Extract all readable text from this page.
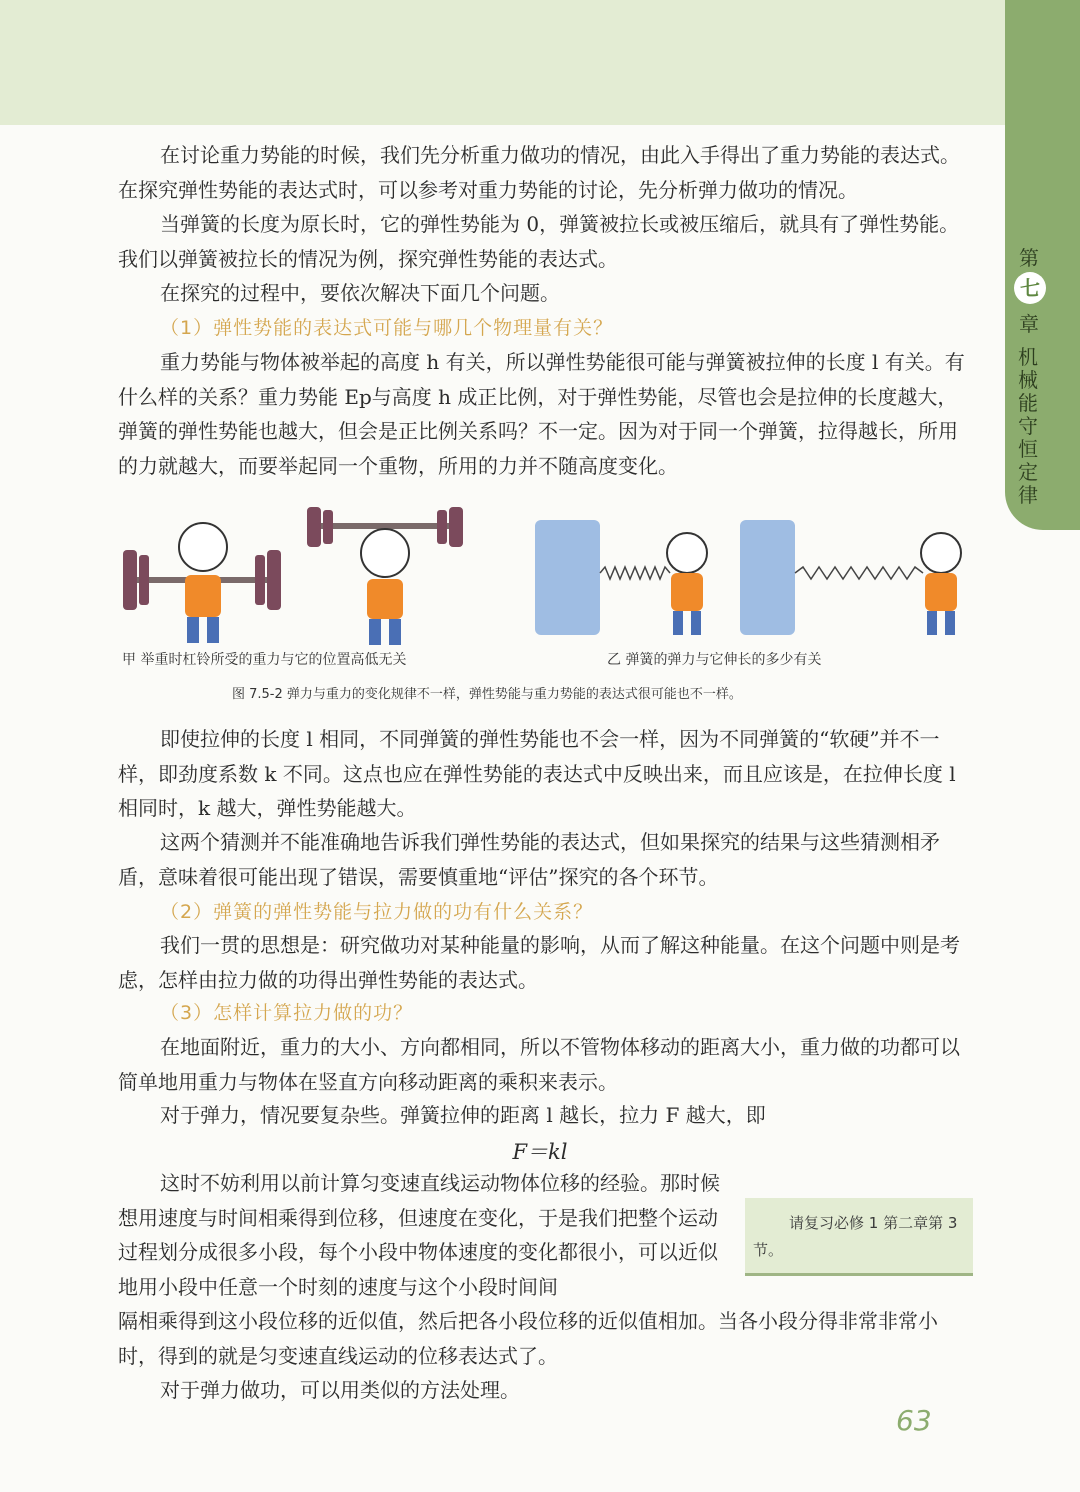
第
七
章
机械能守恒定律

在讨论重力势能的时候，我们先分析重力做功的情况，由此入手得出了重力势能的表达式。在探究弹性势能的表达式时，可以参考对重力势能的讨论，先分析弹力做功的情况。

当弹簧的长度为原长时，它的弹性势能为 0，弹簧被拉长或被压缩后，就具有了弹性势能。我们以弹簧被拉长的情况为例，探究弹性势能的表达式。

在探究的过程中，要依次解决下面几个问题。

（1）弹性势能的表达式可能与哪几个物理量有关？

重力势能与物体被举起的高度 h 有关，所以弹性势能很可能与弹簧被拉伸的长度 l 有关。有什么样的关系？重力势能 Ep与高度 h 成正比例，对于弹性势能，尽管也会是拉伸的长度越大，弹簧的弹性势能也越大，但会是正比例关系吗？不一定。因为对于同一个弹簧，拉得越长，所用的力就越大，而要举起同一个重物，所用的力并不随高度变化。

甲 举重时杠铃所受的重力与它的位置高低无关	乙 弹簧的弹力与它伸长的多少有关
图 7.5-2 弹力与重力的变化规律不一样，弹性势能与重力势能的表达式很可能也不一样。

即使拉伸的长度 l 相同，不同弹簧的弹性势能也不会一样，因为不同弹簧的“软硬”并不一样，即劲度系数 k 不同。这点也应在弹性势能的表达式中反映出来，而且应该是，在拉伸长度 l 相同时，k 越大，弹性势能越大。

这两个猜测并不能准确地告诉我们弹性势能的表达式，但如果探究的结果与这些猜测相矛盾，意味着很可能出现了错误，需要慎重地“评估”探究的各个环节。

（2）弹簧的弹性势能与拉力做的功有什么关系？

我们一贯的思想是：研究做功对某种能量的影响，从而了解这种能量。在这个问题中则是考虑，怎样由拉力做的功得出弹性势能的表达式。

（3）怎样计算拉力做的功？

在地面附近，重力的大小、方向都相同，所以不管物体移动的距离大小，重力做的功都可以简单地用重力与物体在竖直方向移动距离的乘积来表示。

对于弹力，情况要复杂些。弹簧拉伸的距离 l 越长，拉力 F 越大，即

F＝kl

这时不妨利用以前计算匀变速直线运动物体位移的经验。那时候想用速度与时间相乘得到位移，但速度在变化，于是我们把整个运动过程划分成很多小段，每个小段中物体速度的变化都很小，可以近似地用小段中任意一个时刻的速度与这个小段时间间

隔相乘得到这小段位移的近似值，然后把各小段位移的近似值相加。当各小段分得非常非常小时，得到的就是匀变速直线运动的位移表达式了。

对于弹力做功，可以用类似的方法处理。

请复习必修 1 第二章第 3 节。
63
